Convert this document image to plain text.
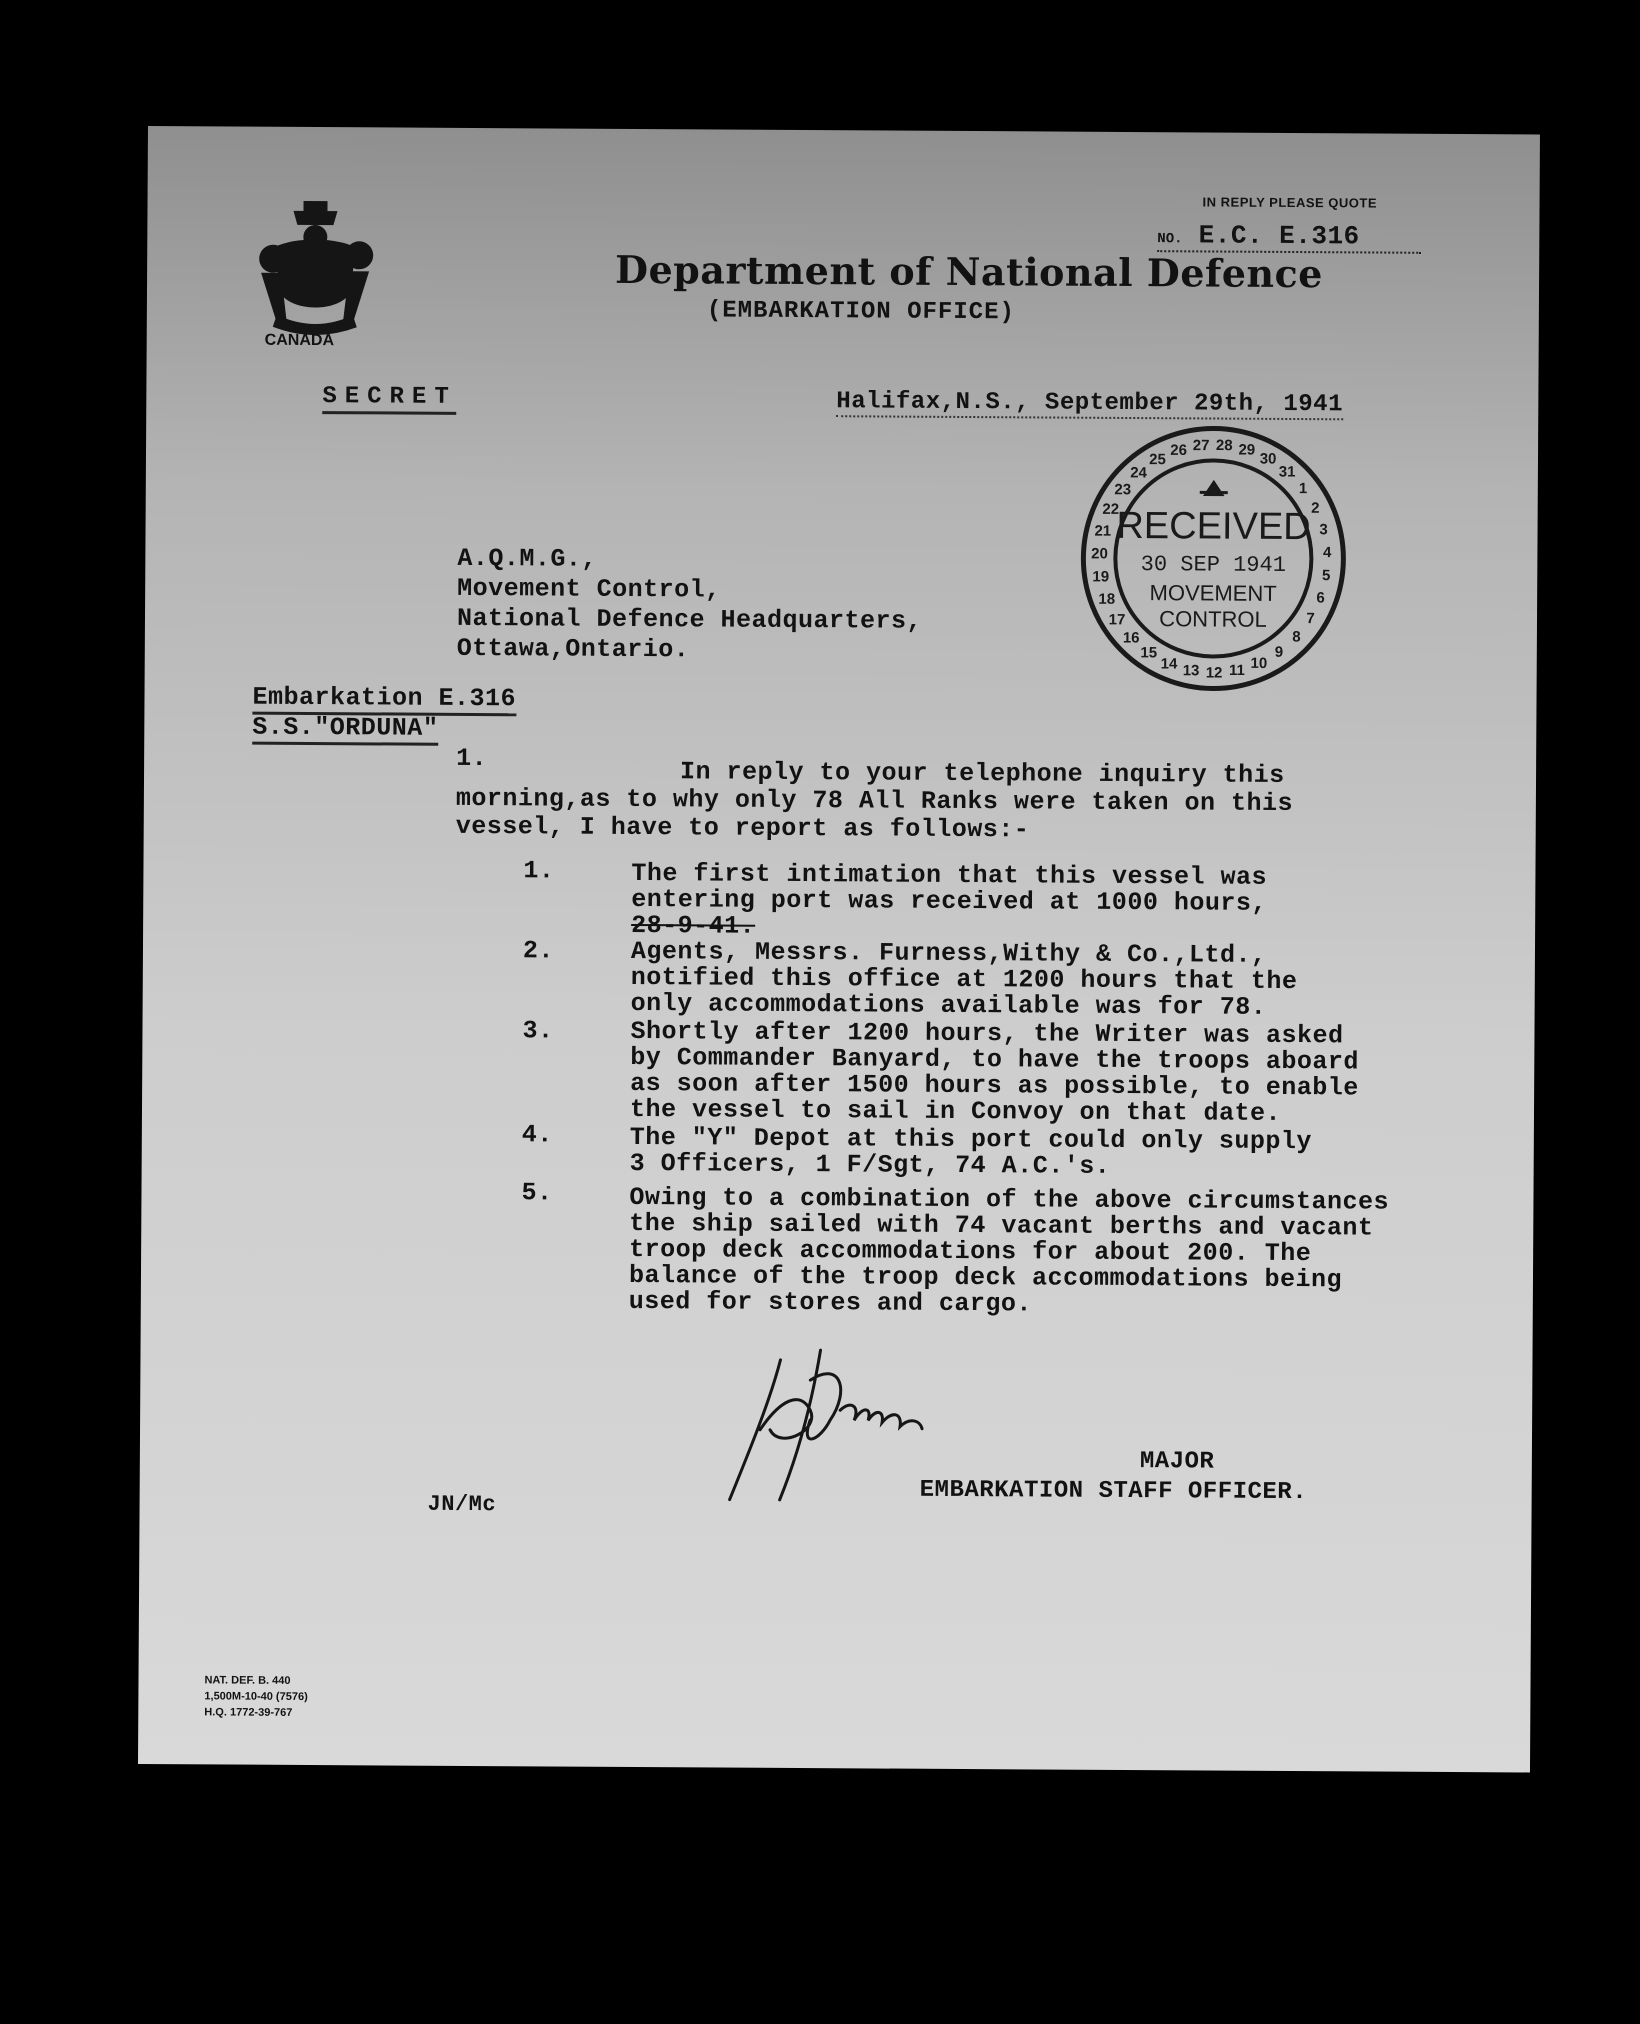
CANADA
IN REPLY PLEASE QUOTE
NO. E.C. E.316
Department of National Defence
(EMBARKATION OFFICE)
SECRET	Halifax,N.S., September 29th, 1941
1
2
3
4
5
6
7
8
9
10
11
12
13
14
15
16
17
18
19
20
21
22
23
24
25
26 27 28 29
30
31
RECEIVED
30 SEP 1941
MOVEMENT
CONTROL
A.Q.M.G.,
Movement Control,
National Defence Headquarters,
Ottawa,Ontario.
Embarkation E.316
S.S."ORDUNA"
1.	In reply to your telephone inquiry this
morning,as to why only 78 All Ranks were taken on this
vessel, I have to report as follows:-
1.	The first intimation that this vessel was
entering port was received at 1000 hours,
28-9-41.
2.	Agents, Messrs. Furness,Withy & Co.,Ltd.,
notified this office at 1200 hours that the
only accommodations available was for 78.
3.	Shortly after 1200 hours, the Writer was asked
by Commander Banyard, to have the troops aboard
as soon after 1500 hours as possible, to enable
the vessel to sail in Convoy on that date.
4.	The "Y" Depot at this port could only supply
3 Officers, 1 F/Sgt, 74 A.C.'s.
5.	Owing to a combination of the above circumstances
the ship sailed with 74 vacant berths and vacant
troop deck accommodations for about 200. The
balance of the troop deck accommodations being
used for stores and cargo.
MAJOR
EMBARKATION STAFF OFFICER.
JN/Mc
NAT. DEF. B. 440
1,500M-10-40 (7576)
H.Q. 1772-39-767
